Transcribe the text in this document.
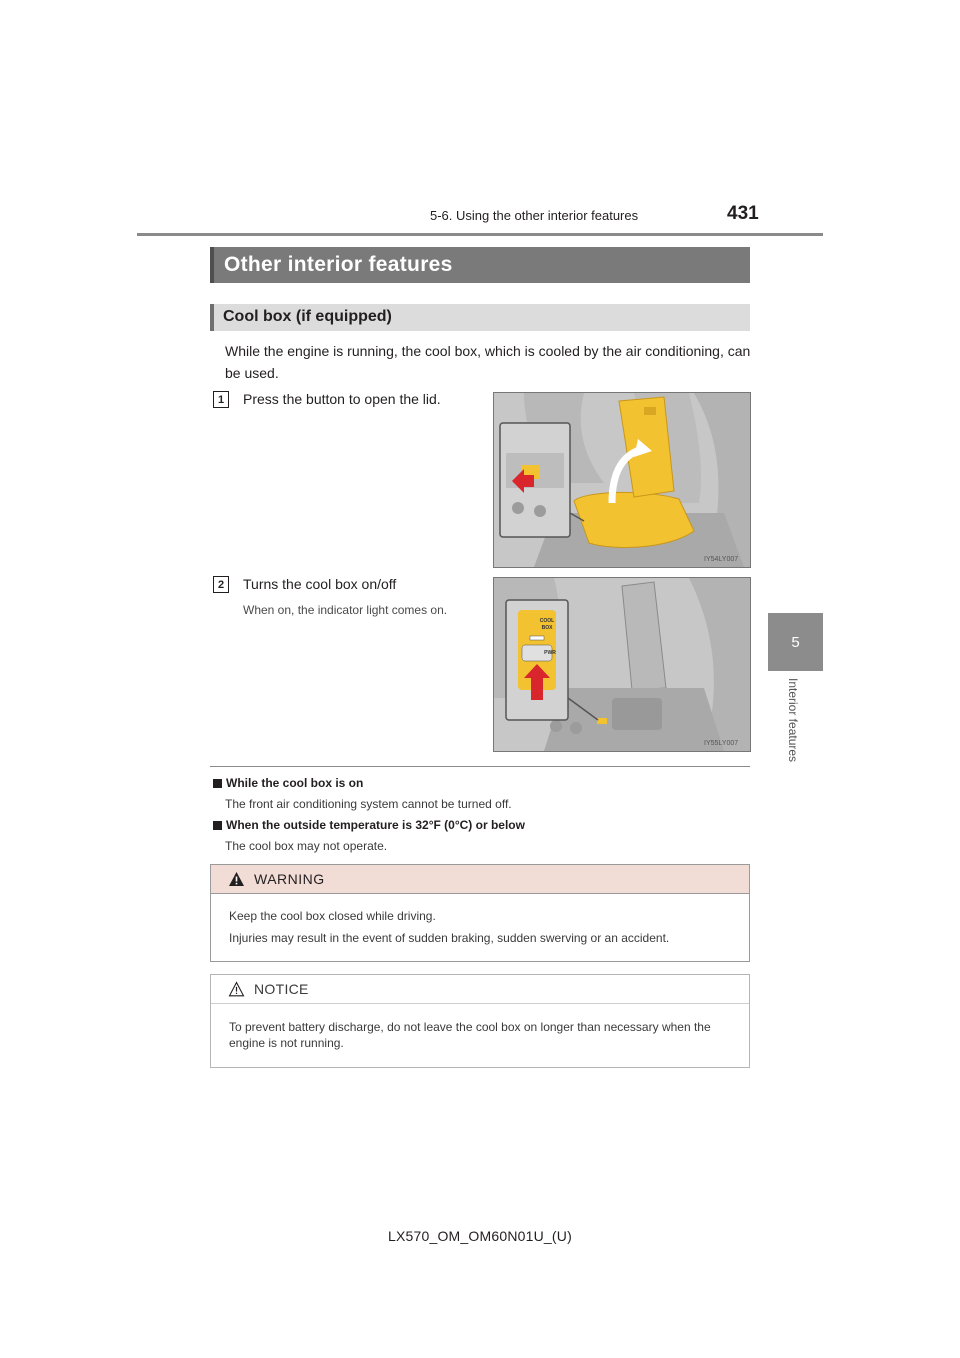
5-6. Using the other interior features	431
5
Interior features
Other interior features
Cool box (if equipped)
While the engine is running, the cool box, which is cooled by the air conditioning, can be used.
1	Press the button to open the lid.
IY54LY007
2	Turns the cool box on/off
When on, the indicator light comes on.
COOL
BOX
PWR
IY55LY007
While the cool box is on
The front air conditioning system cannot be turned off.
When the outside temperature is 32°F (0°C) or below
The cool box may not operate.
WARNING
Keep the cool box closed while driving.
Injuries may result in the event of sudden braking, sudden swerving or an accident.
NOTICE
To prevent battery discharge, do not leave the cool box on longer than necessary when the engine is not running.
LX570_OM_OM60N01U_(U)
